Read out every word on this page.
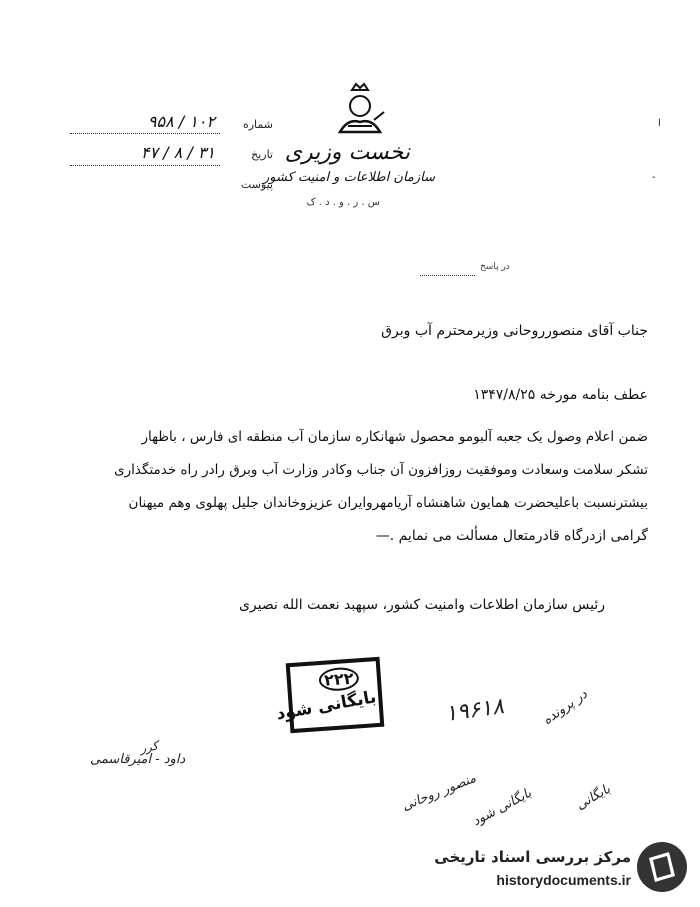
نخست وزیری
سازمان اطلاعات و امنیت کشور
س . ر . و . د . ک
شماره
۹۵۸ / ۱۰۲
تاریخ
۴۷ / ۸ / ۳۱
پیوست
در پاسخ
ا
-
جناب آقای منصورروحانی وزیرمحترم آب وبرق
عطف بنامه مورخه ۱۳۴۷/۸/۲۵
ضمن اعلام وصول یک جعبه آلبومو محصول شهانکاره سازمان آب منطقه ای فارس ، باظهار
تشکر سلامت وسعادت وموفقیت روزافزون آن جناب وکادر وزارت آب وبرق رادر راه خدمتگذاری
بیشترنسبت باعلیحضرت همایون شاهنشاه آریامهروایران عزیزوخاندان جلیل پهلوی وهم میهنان
گرامی ازدرگاه قادرمتعال مسألت می نمایم .—
رئیس سازمان اطلاعات وامنیت کشور، سپهبد نعمت الله نصیری
۲۲۲
بایگانی شود
کرر
داود - امیرقاسمی
۱۹۶۱۸	در پرونده
منصور روحانی
بایگانی شود	بایگانی
مرکز بررسی اسناد تاریخی
historydocuments.ir
